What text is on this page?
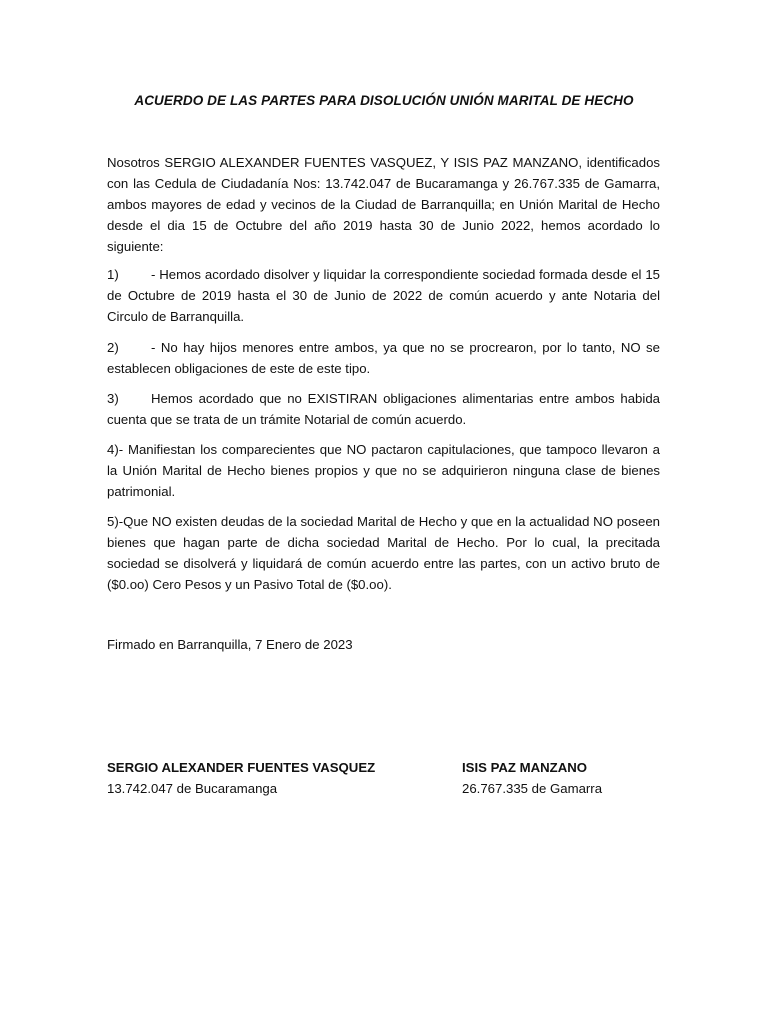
ACUERDO DE LAS PARTES PARA DISOLUCIÓN UNIÓN MARITAL DE HECHO
Nosotros SERGIO ALEXANDER FUENTES VASQUEZ, Y ISIS PAZ MANZANO, identificados con las Cedula de Ciudadanía Nos: 13.742.047 de Bucaramanga y 26.767.335 de Gamarra, ambos mayores de edad y vecinos de la Ciudad de Barranquilla; en Unión Marital de Hecho desde el dia 15 de Octubre del año 2019 hasta 30 de Junio 2022, hemos acordado lo siguiente:
1) - Hemos acordado disolver y liquidar la correspondiente sociedad formada desde el 15 de Octubre de 2019 hasta el 30 de Junio de 2022 de común acuerdo y ante Notaria del Circulo de Barranquilla.
2) - No hay hijos menores entre ambos, ya que no se procrearon, por lo tanto, NO se establecen obligaciones de este de este tipo.
3) Hemos acordado que no EXISTIRAN obligaciones alimentarias entre ambos habida cuenta que se trata de un trámite Notarial de común acuerdo.
4)- Manifiestan los comparecientes que NO pactaron capitulaciones, que tampoco llevaron a la Unión Marital de Hecho bienes propios y que no se adquirieron ninguna clase de bienes patrimonial.
5)-Que NO existen deudas de la sociedad Marital de Hecho y que en la actualidad NO poseen bienes que hagan parte de dicha sociedad Marital de Hecho. Por lo cual, la precitada sociedad se disolverá y liquidará de común acuerdo entre las partes, con un activo bruto de ($0.oo) Cero Pesos y un Pasivo Total de ($0.oo).
Firmado en Barranquilla, 7 Enero de 2023
SERGIO ALEXANDER FUENTES VASQUEZ
13.742.047 de Bucaramanga
ISIS PAZ MANZANO
26.767.335 de Gamarra
